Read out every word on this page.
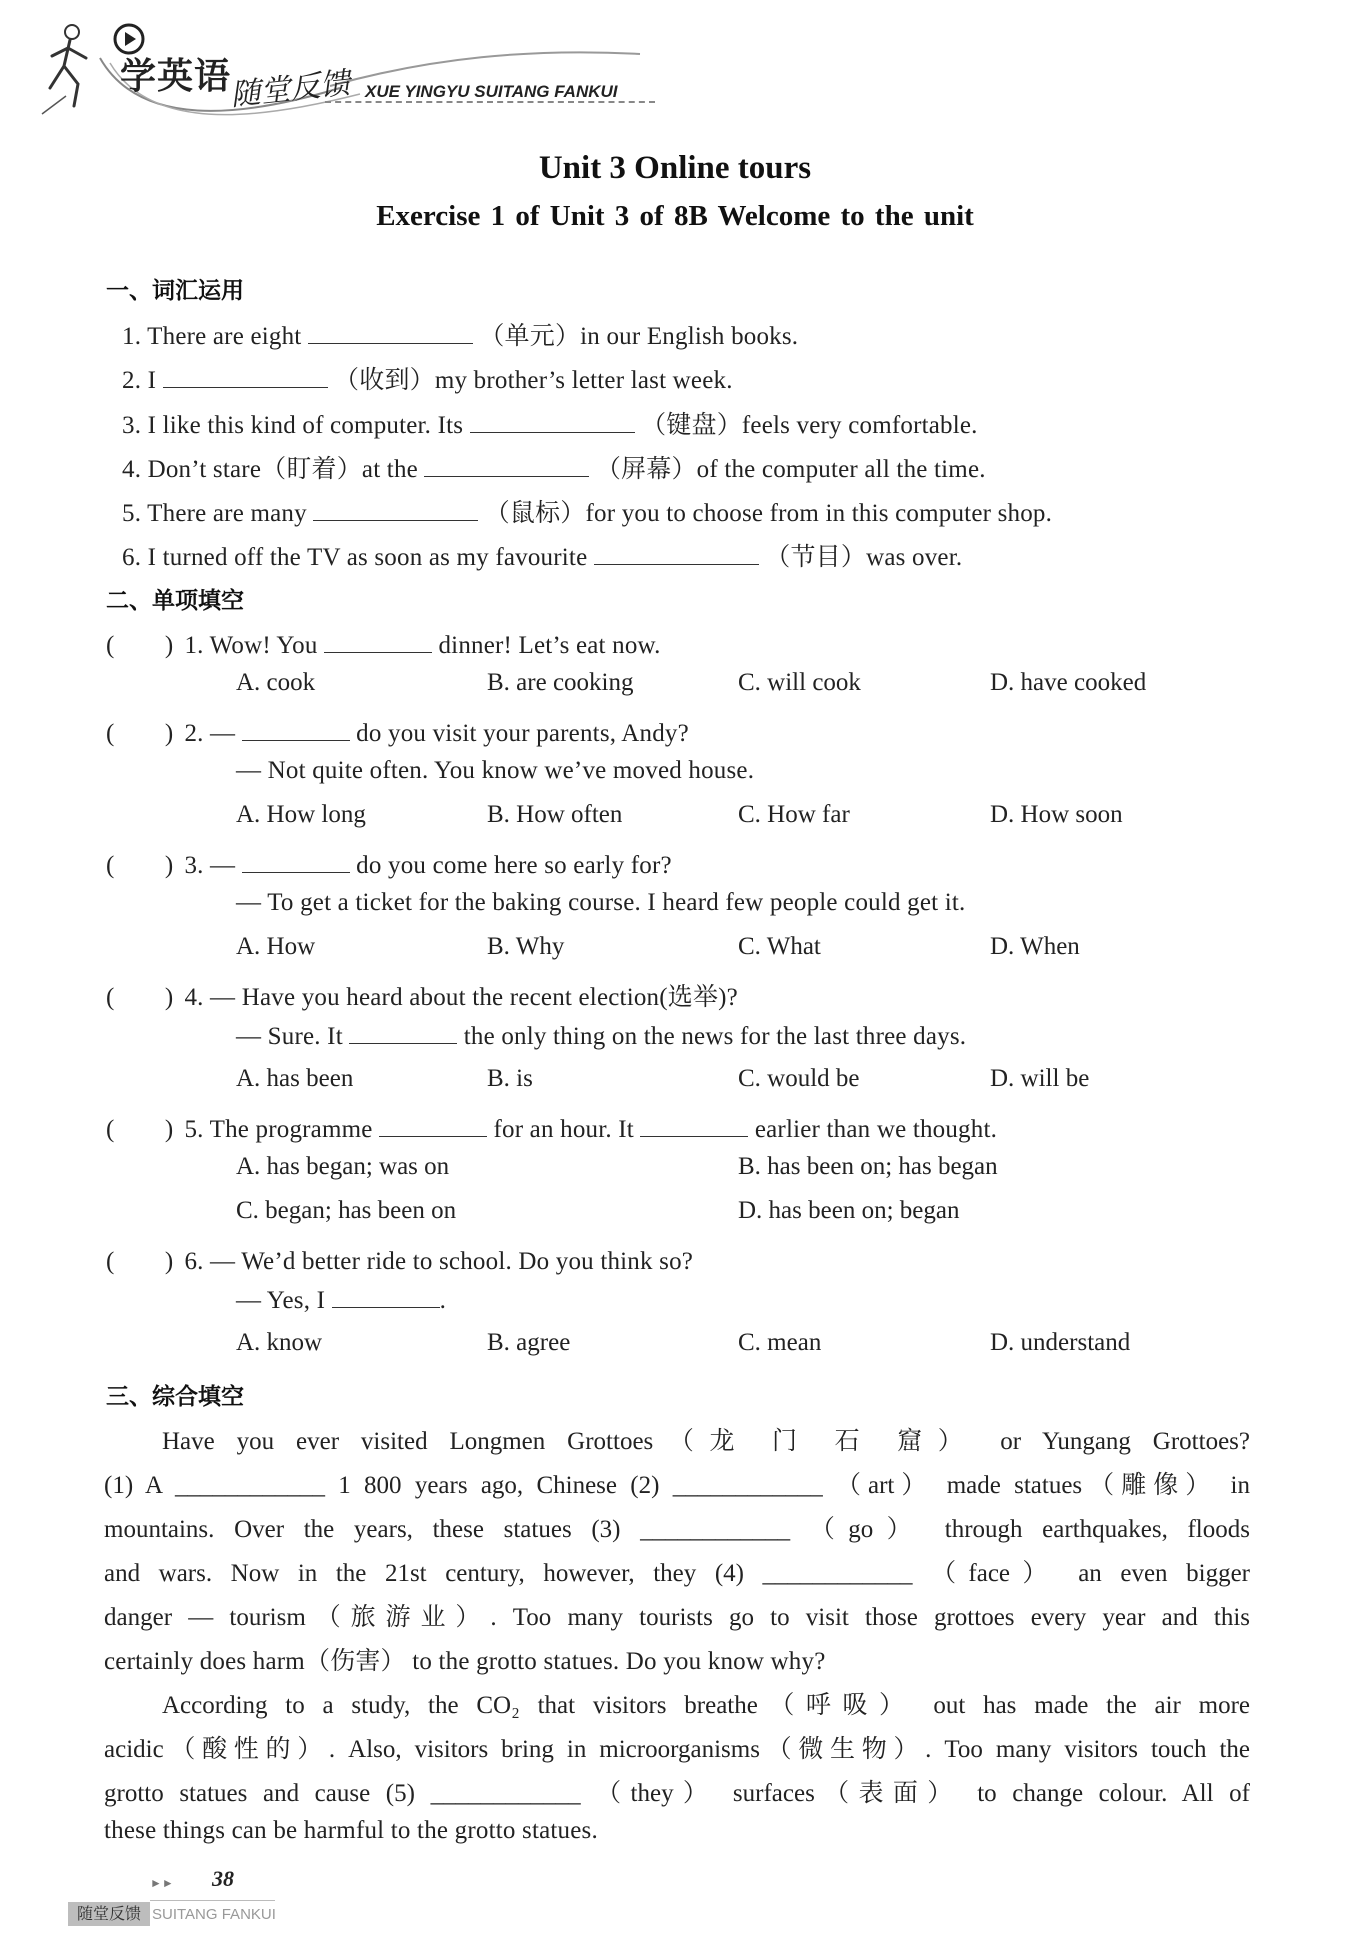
学英语
随堂反馈 XUE YINGYU SUITANG FANKUI
Unit 3 Online tours
Exercise 1 of Unit 3 of 8B Welcome to the unit
一、词汇运用
1. There are eight	（单元）in our English books.
2. I	（收到）my brother’s letter last week.
3. I like this kind of computer. Its	（键盘）feels very comfortable.
4. Don’t stare（盯着）at the	（屏幕）of the computer all the time.
5. There are many	（鼠标）for you to choose from in this computer shop.
6. I turned off the TV as soon as my favourite	（节目）was over.
二、单项填空
(　　) 1. Wow! You	dinner! Let’s eat now.
A. cook	B. are cooking	C. will cook	D. have cooked
(　　) 2. —	do you visit your parents, Andy?
— Not quite often. You know we’ve moved house.
A. How long	B. How often	C. How far	D. How soon
(　　) 3. —	do you come here so early for?
— To get a ticket for the baking course. I heard few people could get it.
A. How	B. Why	C. What	D. When
(　　) 4. — Have you heard about the recent election(选举)?
— Sure. It	the only thing on the news for the last three days.
A. has been	B. is	C. would be	D. will be
(　　) 5. The programme	for an hour. It	earlier than we thought.
A. has began; was on	B. has been on; has began
C. began; has been on	D. has been on; began
(　　) 6. — We’d better ride to school. Do you think so?
— Yes, I	.
A. know	B. agree	C. mean	D. understand
三、综合填空
Have you ever visited Longmen Grottoes（龙 门 石 窟） or Yungang Grottoes?
(1) A ____________ 1 800 years ago, Chinese (2) ____________ （art） made statues（雕像） in
mountains. Over the years, these statues (3) ____________ （go） through earthquakes, floods
and wars. Now in the 21st century, however, they (4) ____________ （face） an even bigger
danger — tourism（旅游业）. Too many tourists go to visit those grottoes every year and this
certainly does harm（伤害） to the grotto statues. Do you know why?
According to a study, the CO₂ that visitors breathe（呼吸） out has made the air more
acidic（酸性的）. Also, visitors bring in microorganisms（微生物）. Too many visitors touch the
grotto statues and cause (5) ____________ （they） surfaces（表面） to change colour. All of
these things can be harmful to the grotto statues.
►► 38
随堂反馈 SUITANG FANKUI
